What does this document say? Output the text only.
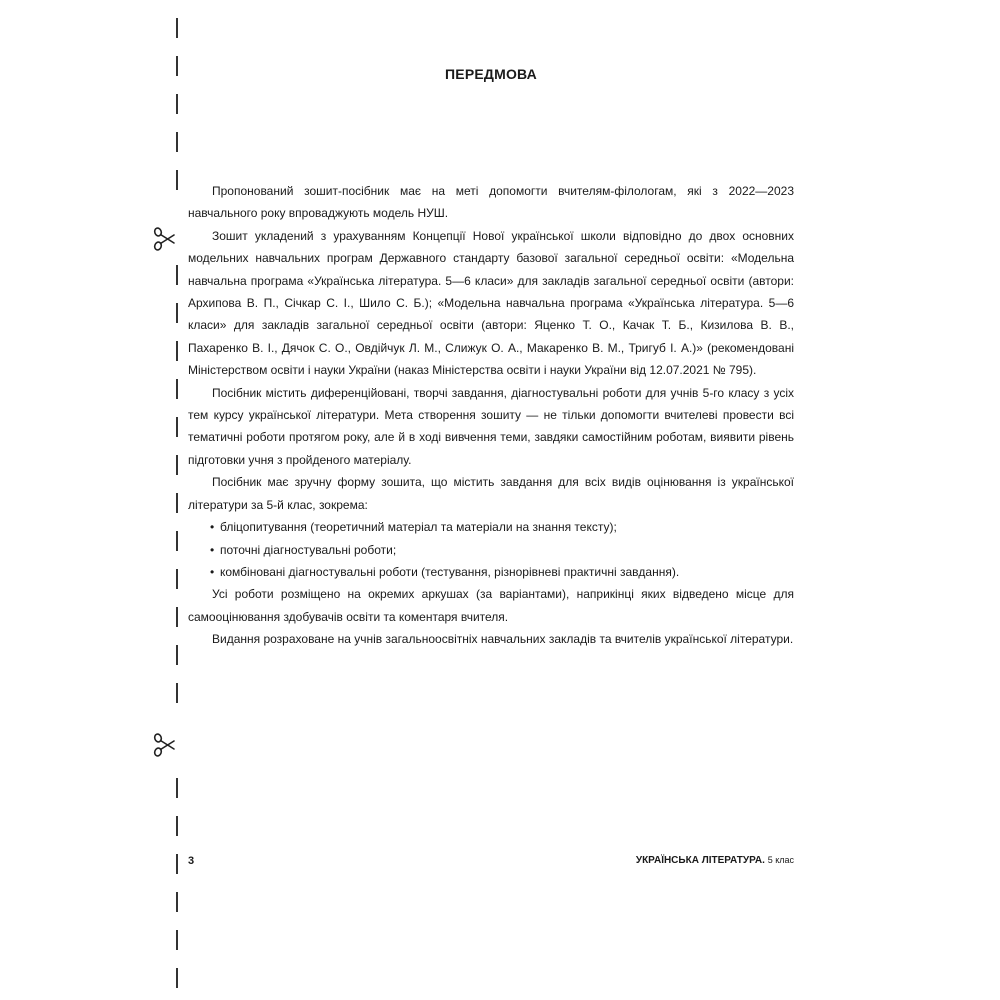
ПЕРЕДМОВА

Пропонований зошит-посібник має на меті допомогти вчителям-філологам, які з 2022—2023 навчального року впроваджують модель НУШ.

Зошит укладений з урахуванням Концепції Нової української школи відповідно до двох основних модельних навчальних програм Державного стандарту базової загальної середньої освіти: «Модельна навчальна програма «Українська література. 5—6 класи» для закладів загальної середньої освіти (автори: Архипова В. П., Січкар С. І., Шило С. Б.); «Модельна навчальна програма «Українська література. 5—6 класи» для закладів загальної середньої освіти (автори: Яценко Т. О., Качак Т. Б., Кизилова В. В., Пахаренко В. І., Дячок С. О., Овдійчук Л. М., Слижук О. А., Макаренко В. М., Тригуб І. А.)» (рекомендовані Міністерством освіти і науки України (наказ Міністерства освіти і науки України від 12.07.2021 № 795).

Посібник містить диференційовані, творчі завдання, діагностувальні роботи для учнів 5-го класу з усіх тем курсу української літератури. Мета створення зошиту — не тільки допомогти вчителеві провести всі тематичні роботи протягом року, але й в ході вивчення теми, завдяки самостійним роботам, виявити рівень підготовки учня з пройденого матеріалу.

Посібник має зручну форму зошита, що містить завдання для всіх видів оцінювання із української літератури за 5-й клас, зокрема:

• бліцопитування (теоретичний матеріал та матеріали на знання тексту);
• поточні діагностувальні роботи;
• комбіновані діагностувальні роботи (тестування, різнорівневі практичні завдання).

Усі роботи розміщено на окремих аркушах (за варіантами), наприкінці яких відведено місце для самооцінювання здобувачів освіти та коментаря вчителя.

Видання розраховане на учнів загальноосвітніх навчальних закладів та вчителів української літератури.

3	УКРАЇНСЬКА ЛІТЕРАТУРА. 5 клас
